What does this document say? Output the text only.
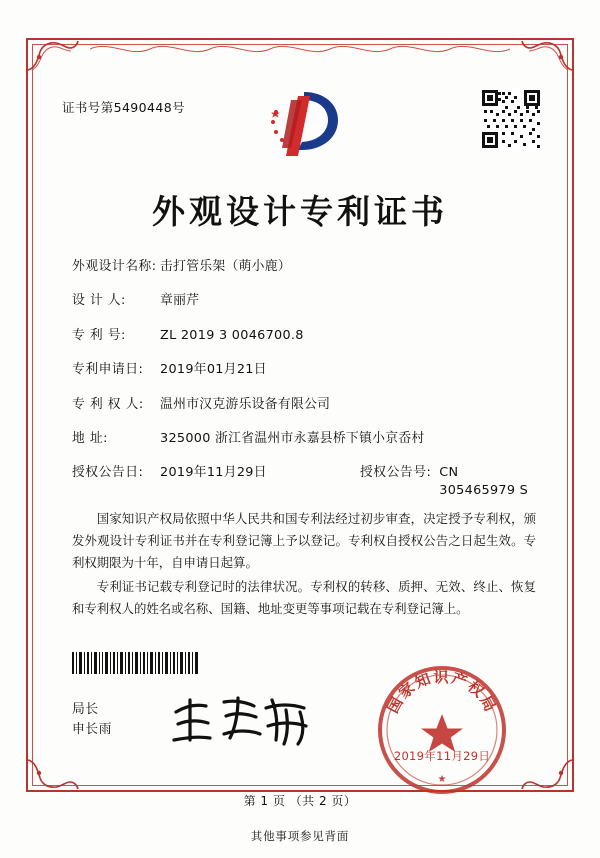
证书号第5490448号
外观设计专利证书
外观设计名称: 击打管乐架（萌小鹿）
设 计 人:	章丽芹
专 利 号:	ZL 2019 3 0046700.8
专利申请日:	2019年01月21日
专 利 权 人:	温州市汉克游乐设备有限公司
地 址:	325000 浙江省温州市永嘉县桥下镇小京岙村
授权公告日:	2019年11月29日	授权公告号: CN 305465979 S

国家知识产权局依照中华人民共和国专利法经过初步审查，决定授予专利权，颁发外观设计专利证书并在专利登记簿上予以登记。专利权自授权公告之日起生效。专利权期限为十年，自申请日起算。

专利证书记载专利登记时的法律状况。专利权的转移、质押、无效、终止、恢复和专利权人的姓名或名称、国籍、地址变更等事项记载在专利登记簿上。

局长
申长雨
国家知识产权局
★
2019年11月29日
第 1 页 （共 2 页）
其他事项参见背面
